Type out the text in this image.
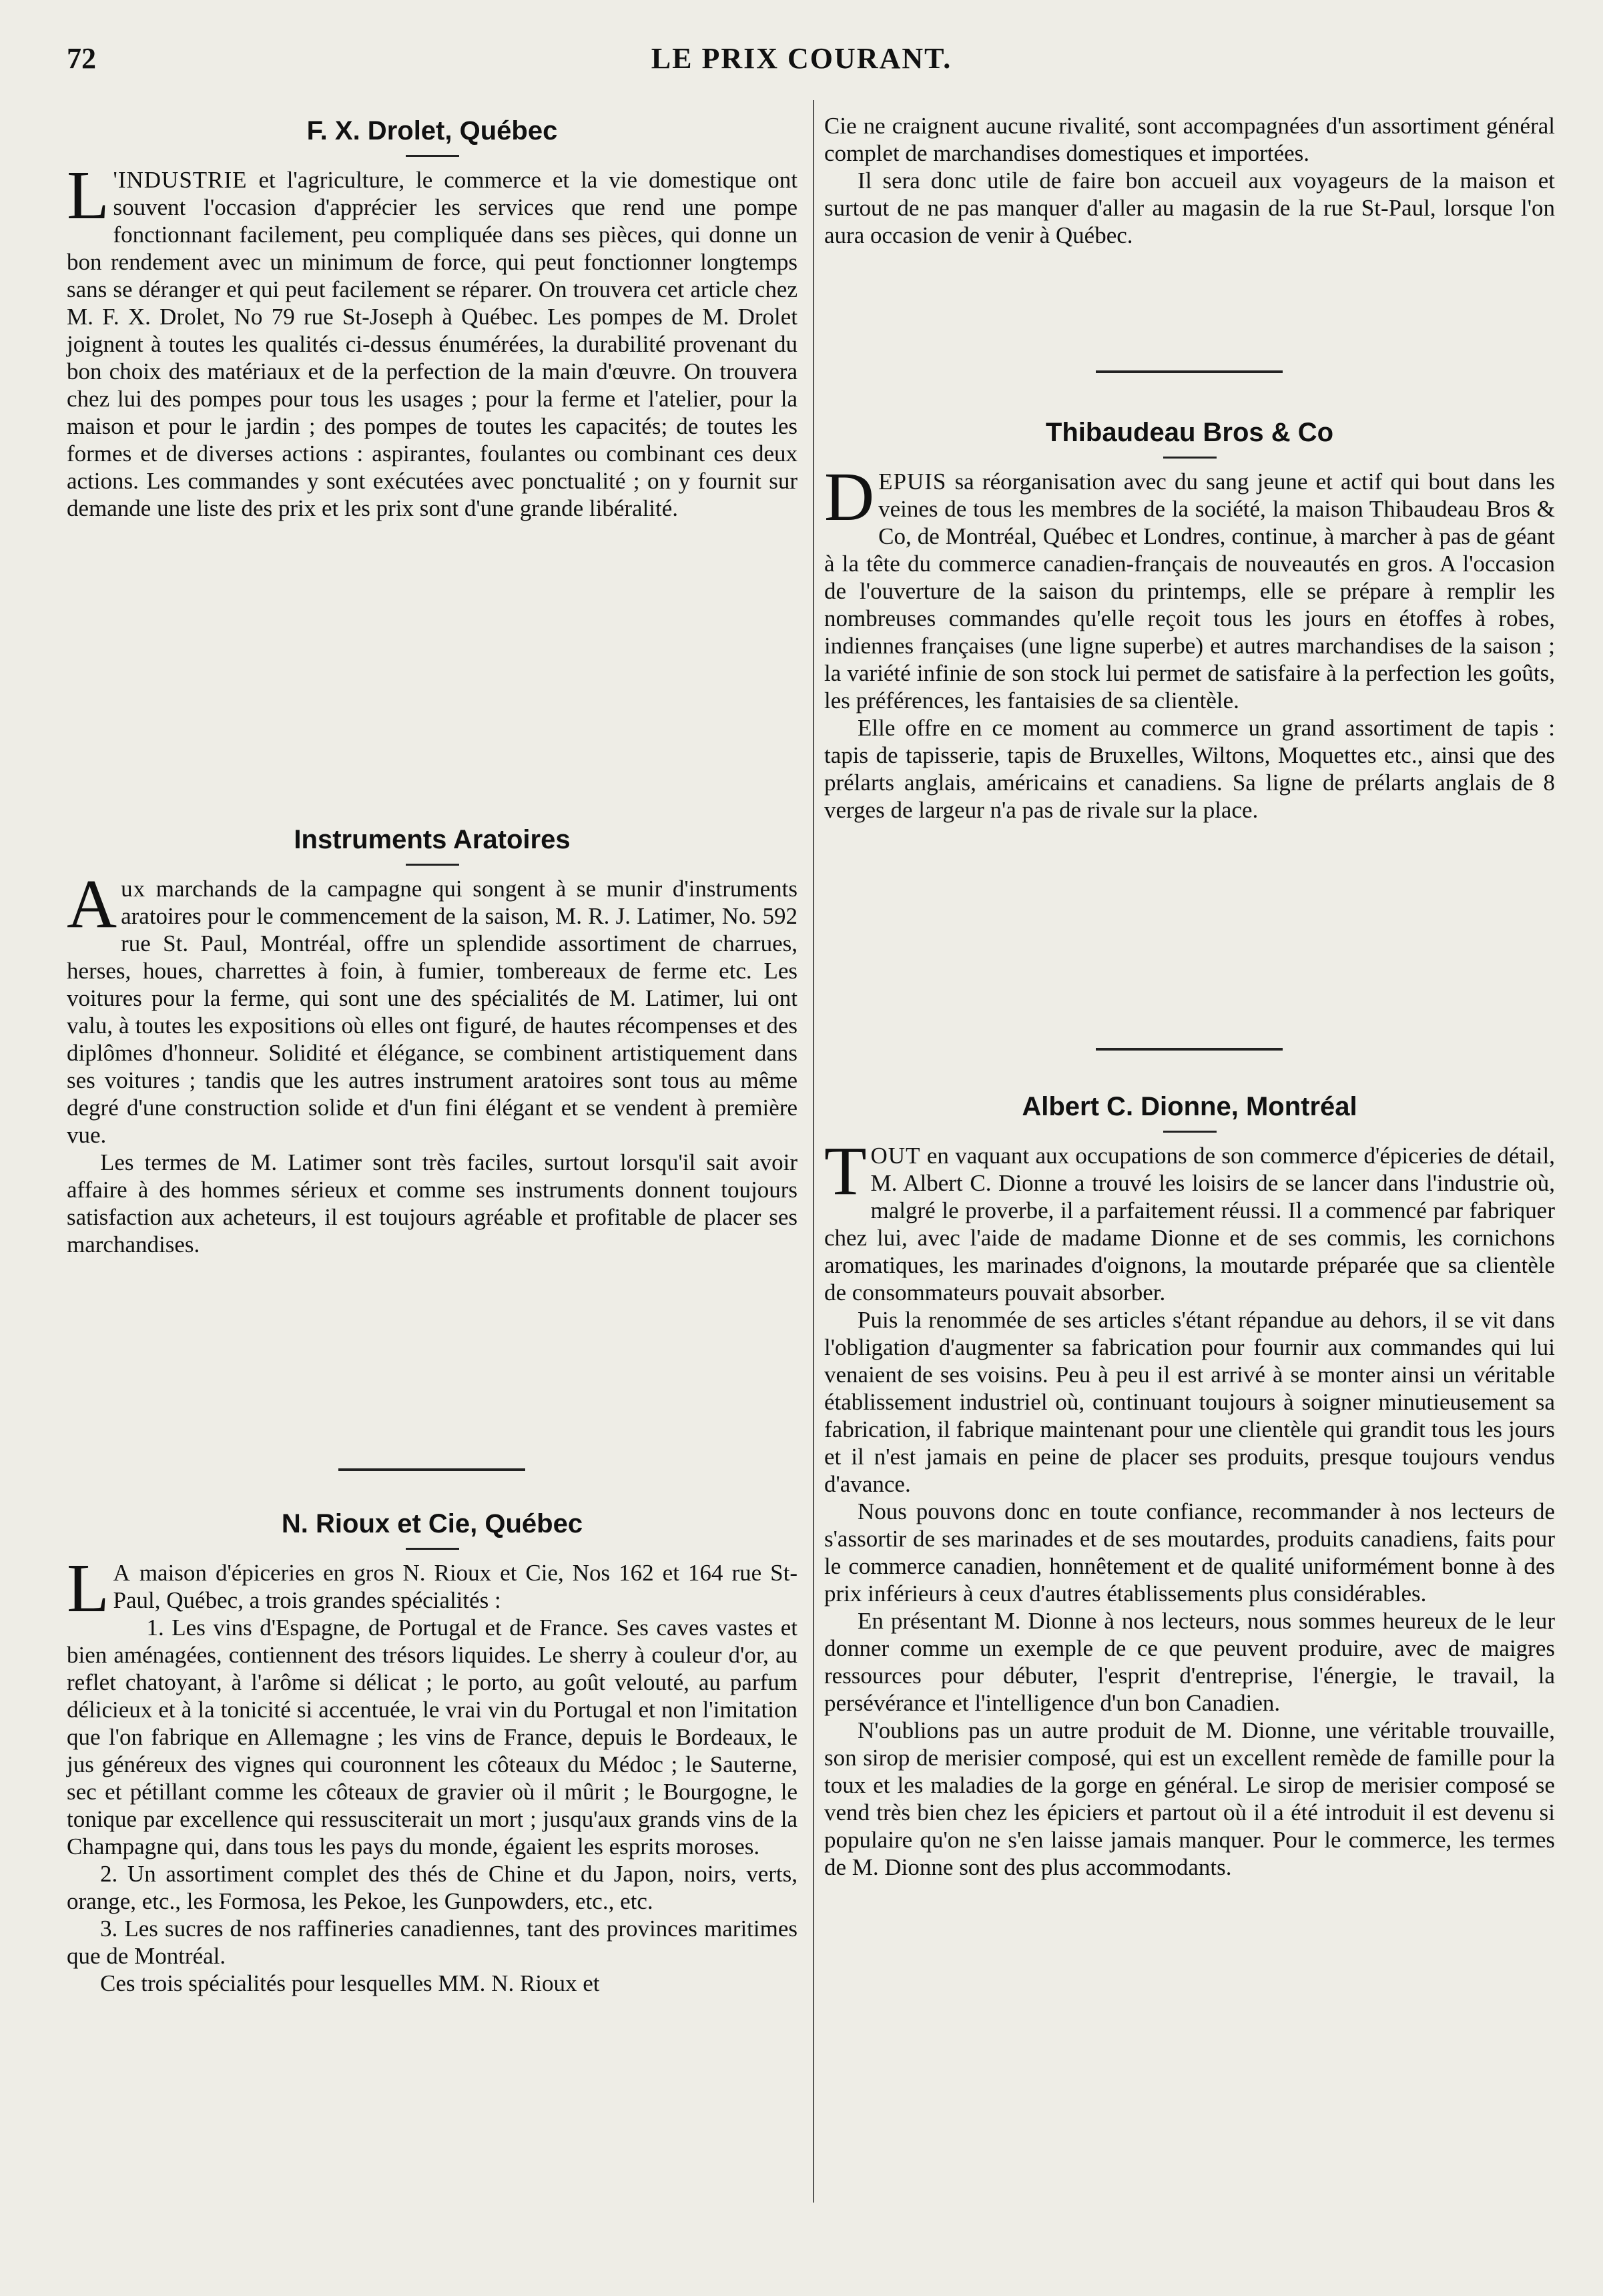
72	LE PRIX COURANT.
F. X. Drolet, Québec

L 'INDUSTRIE et l'agriculture, le commerce et la vie domestique ont souvent l'occasion d'apprécier les services que rend une pompe fonctionnant facilement, peu compliquée dans ses pièces, qui donne un bon rendement avec un minimum de force, qui peut fonctionner longtemps sans se déranger et qui peut facilement se réparer. On trouvera cet article chez M. F. X. Drolet, No 79 rue St-Joseph à Québec. Les pompes de M. Drolet joignent à toutes les qualités ci-dessus énumérées, la durabilité provenant du bon choix des matériaux et de la perfection de la main d'œuvre. On trouvera chez lui des pompes pour tous les usages ; pour la ferme et l'atelier, pour la maison et pour le jardin ; des pompes de toutes les capacités; de toutes les formes et de diverses actions : aspirantes, foulantes ou combinant ces deux actions. Les commandes y sont exécutées avec ponctualité ; on y fournit sur demande une liste des prix et les prix sont d'une grande libéralité.

Instruments Aratoires

Aux marchands de la campagne qui songent à se munir d'instruments aratoires pour le commencement de la saison, M. R. J. Latimer, No. 592 rue St. Paul, Montréal, offre un splendide assortiment de charrues, herses, houes, charrettes à foin, à fumier, tombereaux de ferme etc. Les voitures pour la ferme, qui sont une des spécialités de M. Latimer, lui ont valu, à toutes les expositions où elles ont figuré, de hautes récompenses et des diplômes d'honneur. Solidité et élégance, se combinent artistiquement dans ses voitures ; tandis que les autres instrument aratoires sont tous au même degré d'une construction solide et d'un fini élégant et se vendent à première vue.

Les termes de M. Latimer sont très faciles, surtout lorsqu'il sait avoir affaire à des hommes sérieux et comme ses instruments donnent toujours satisfaction aux acheteurs, il est toujours agréable et profitable de placer ses marchandises.

N. Rioux et Cie, Québec

L A maison d'épiceries en gros N. Rioux et Cie, Nos 162 et 164 rue St-Paul, Québec, a trois grandes spécialités :

1. Les vins d'Espagne, de Portugal et de France. Ses caves vastes et bien aménagées, contiennent des trésors liquides. Le sherry à couleur d'or, au reflet chatoyant, à l'arôme si délicat ; le porto, au goût velouté, au parfum délicieux et à la tonicité si accentuée, le vrai vin du Portugal et non l'imitation que l'on fabrique en Allemagne ; les vins de France, depuis le Bordeaux, le jus généreux des vignes qui couronnent les côteaux du Médoc ; le Sauterne, sec et pétillant comme les côteaux de gravier où il mûrit ; le Bourgogne, le tonique par excellence qui ressusciterait un mort ; jusqu'aux grands vins de la Champagne qui, dans tous les pays du monde, égaient les esprits moroses.

2. Un assortiment complet des thés de Chine et du Japon, noirs, verts, orange, etc., les Formosa, les Pekoe, les Gunpowders, etc., etc.

3. Les sucres de nos raffineries canadiennes, tant des provinces maritimes que de Montréal.

Ces trois spécialités pour lesquelles MM. N. Rioux et

Cie ne craignent aucune rivalité, sont accompagnées d'un assortiment général complet de marchandises domestiques et importées.

Il sera donc utile de faire bon accueil aux voyageurs de la maison et surtout de ne pas manquer d'aller au magasin de la rue St-Paul, lorsque l'on aura occasion de venir à Québec.

Thibaudeau Bros & Co

DEPUIS sa réorganisation avec du sang jeune et actif qui bout dans les veines de tous les membres de la société, la maison Thibaudeau Bros & Co, de Montréal, Québec et Londres, continue, à marcher à pas de géant à la tête du commerce canadien-français de nouveautés en gros. A l'occasion de l'ouverture de la saison du printemps, elle se prépare à remplir les nombreuses commandes qu'elle reçoit tous les jours en étoffes à robes, indiennes françaises (une ligne superbe) et autres marchandises de la saison ; la variété infinie de son stock lui permet de satisfaire à la perfection les goûts, les préférences, les fantaisies de sa clientèle.

Elle offre en ce moment au commerce un grand assortiment de tapis : tapis de tapisserie, tapis de Bruxelles, Wiltons, Moquettes etc., ainsi que des prélarts anglais, américains et canadiens. Sa ligne de prélarts anglais de 8 verges de largeur n'a pas de rivale sur la place.

Albert C. Dionne, Montréal

TOUT en vaquant aux occupations de son commerce d'épiceries de détail, M. Albert C. Dionne a trouvé les loisirs de se lancer dans l'industrie où, malgré le proverbe, il a parfaitement réussi. Il a commencé par fabriquer chez lui, avec l'aide de madame Dionne et de ses commis, les cornichons aromatiques, les marinades d'oignons, la moutarde préparée que sa clientèle de consommateurs pouvait absorber.

Puis la renommée de ses articles s'étant répandue au dehors, il se vit dans l'obligation d'augmenter sa fabrication pour fournir aux commandes qui lui venaient de ses voisins. Peu à peu il est arrivé à se monter ainsi un véritable établissement industriel où, continuant toujours à soigner minutieusement sa fabrication, il fabrique maintenant pour une clientèle qui grandit tous les jours et il n'est jamais en peine de placer ses produits, presque toujours vendus d'avance.

Nous pouvons donc en toute confiance, recommander à nos lecteurs de s'assortir de ses marinades et de ses moutardes, produits canadiens, faits pour le commerce canadien, honnêtement et de qualité uniformément bonne à des prix inférieurs à ceux d'autres établissements plus considérables.

En présentant M. Dionne à nos lecteurs, nous sommes heureux de le leur donner comme un exemple de ce que peuvent produire, avec de maigres ressources pour débuter, l'esprit d'entreprise, l'énergie, le travail, la persévérance et l'intelligence d'un bon Canadien.

N'oublions pas un autre produit de M. Dionne, une véritable trouvaille, son sirop de merisier composé, qui est un excellent remède de famille pour la toux et les maladies de la gorge en général. Le sirop de merisier composé se vend très bien chez les épiciers et partout où il a été introduit il est devenu si populaire qu'on ne s'en laisse jamais manquer. Pour le commerce, les termes de M. Dionne sont des plus accommodants.
